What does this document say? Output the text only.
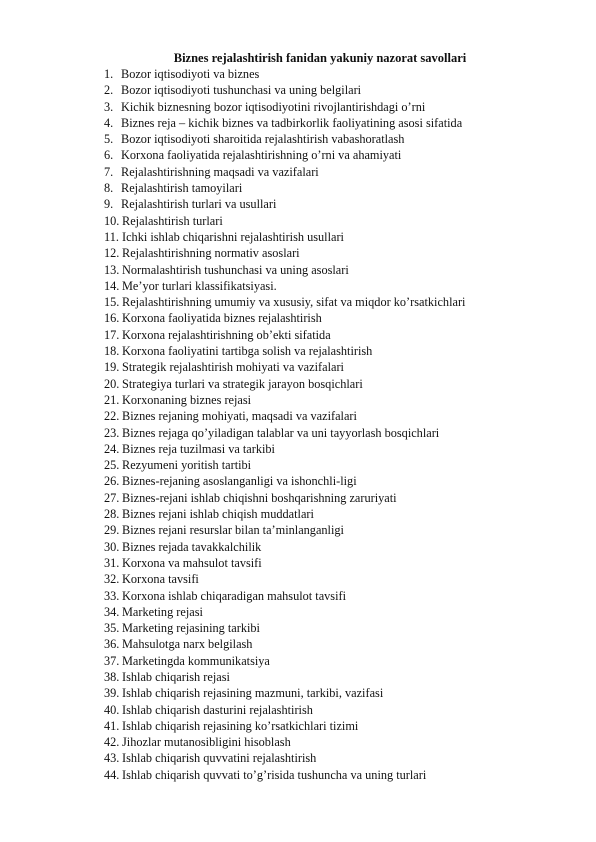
Biznes rejalashtirish fanidan yakuniy nazorat savollari
1. Bozor iqtisodiyoti va biznes
2. Bozor iqtisodiyoti tushunchasi va uning belgilari
3. Kichik biznesning bozor iqtisodiyotini rivojlantirishdagi o’rni
4. Biznes reja – kichik biznes va tadbirkorlik faoliyatining asosi sifatida
5. Bozor iqtisodiyoti sharoitida rejalashtirish vabashoratlash
6. Korxona faoliyatida rejalashtirishning o’rni va ahamiyati
7. Rejalashtirishning maqsadi va vazifalari
8. Rejalashtirish tamoyilari
9. Rejalashtirish turlari va usullari
10. Rejalashtirish turlari
11. Ichki ishlab chiqarishni rejalashtirish usullari
12. Rejalashtirishning normativ asoslari
13. Normalashtirish tushunchasi va uning asoslari
14. Me’yor turlari klassifikatsiyasi.
15. Rejalashtirishning umumiy va xususiy, sifat va miqdor ko’rsatkichlari
16. Korxona faoliyatida biznes rejalashtirish
17. Korxona rejalashtirishning ob’ekti sifatida
18. Korxona faoliyatini tartibga solish va rejalashtirish
19. Strategik rejalashtirish mohiyati va vazifalari
20. Strategiya turlari va strategik jarayon bosqichlari
21. Korxonaning biznes rejasi
22. Biznes rejaning mohiyati, maqsadi va vazifalari
23. Biznes rejaga qo’yiladigan talablar va uni tayyorlash bosqichlari
24. Biznes reja tuzilmasi va tarkibi
25. Rezyumeni yoritish tartibi
26. Biznes-rejaning asoslanganligi va ishonchli-ligi
27. Biznes-rejani ishlab chiqishni boshqarishning zaruriyati
28. Biznes rejani ishlab chiqish muddatlari
29. Biznes rejani resurslar bilan ta’minlanganligi
30. Biznes rejada tavakkalchilik
31. Korxona va mahsulot tavsifi
32. Korxona tavsifi
33. Korxona ishlab chiqaradigan mahsulot tavsifi
34. Marketing rejasi
35. Marketing rejasining tarkibi
36. Mahsulotga narx belgilash
37. Marketingda kommunikatsiya
38. Ishlab chiqarish rejasi
39. Ishlab chiqarish rejasining mazmuni, tarkibi, vazifasi
40. Ishlab chiqarish dasturini rejalashtirish
41. Ishlab chiqarish rejasining ko’rsatkichlari tizimi
42. Jihozlar mutanosibligini hisoblash
43. Ishlab chiqarish quvvatini rejalashtirish
44. Ishlab chiqarish quvvati to’g’risida tushuncha va uning turlari
